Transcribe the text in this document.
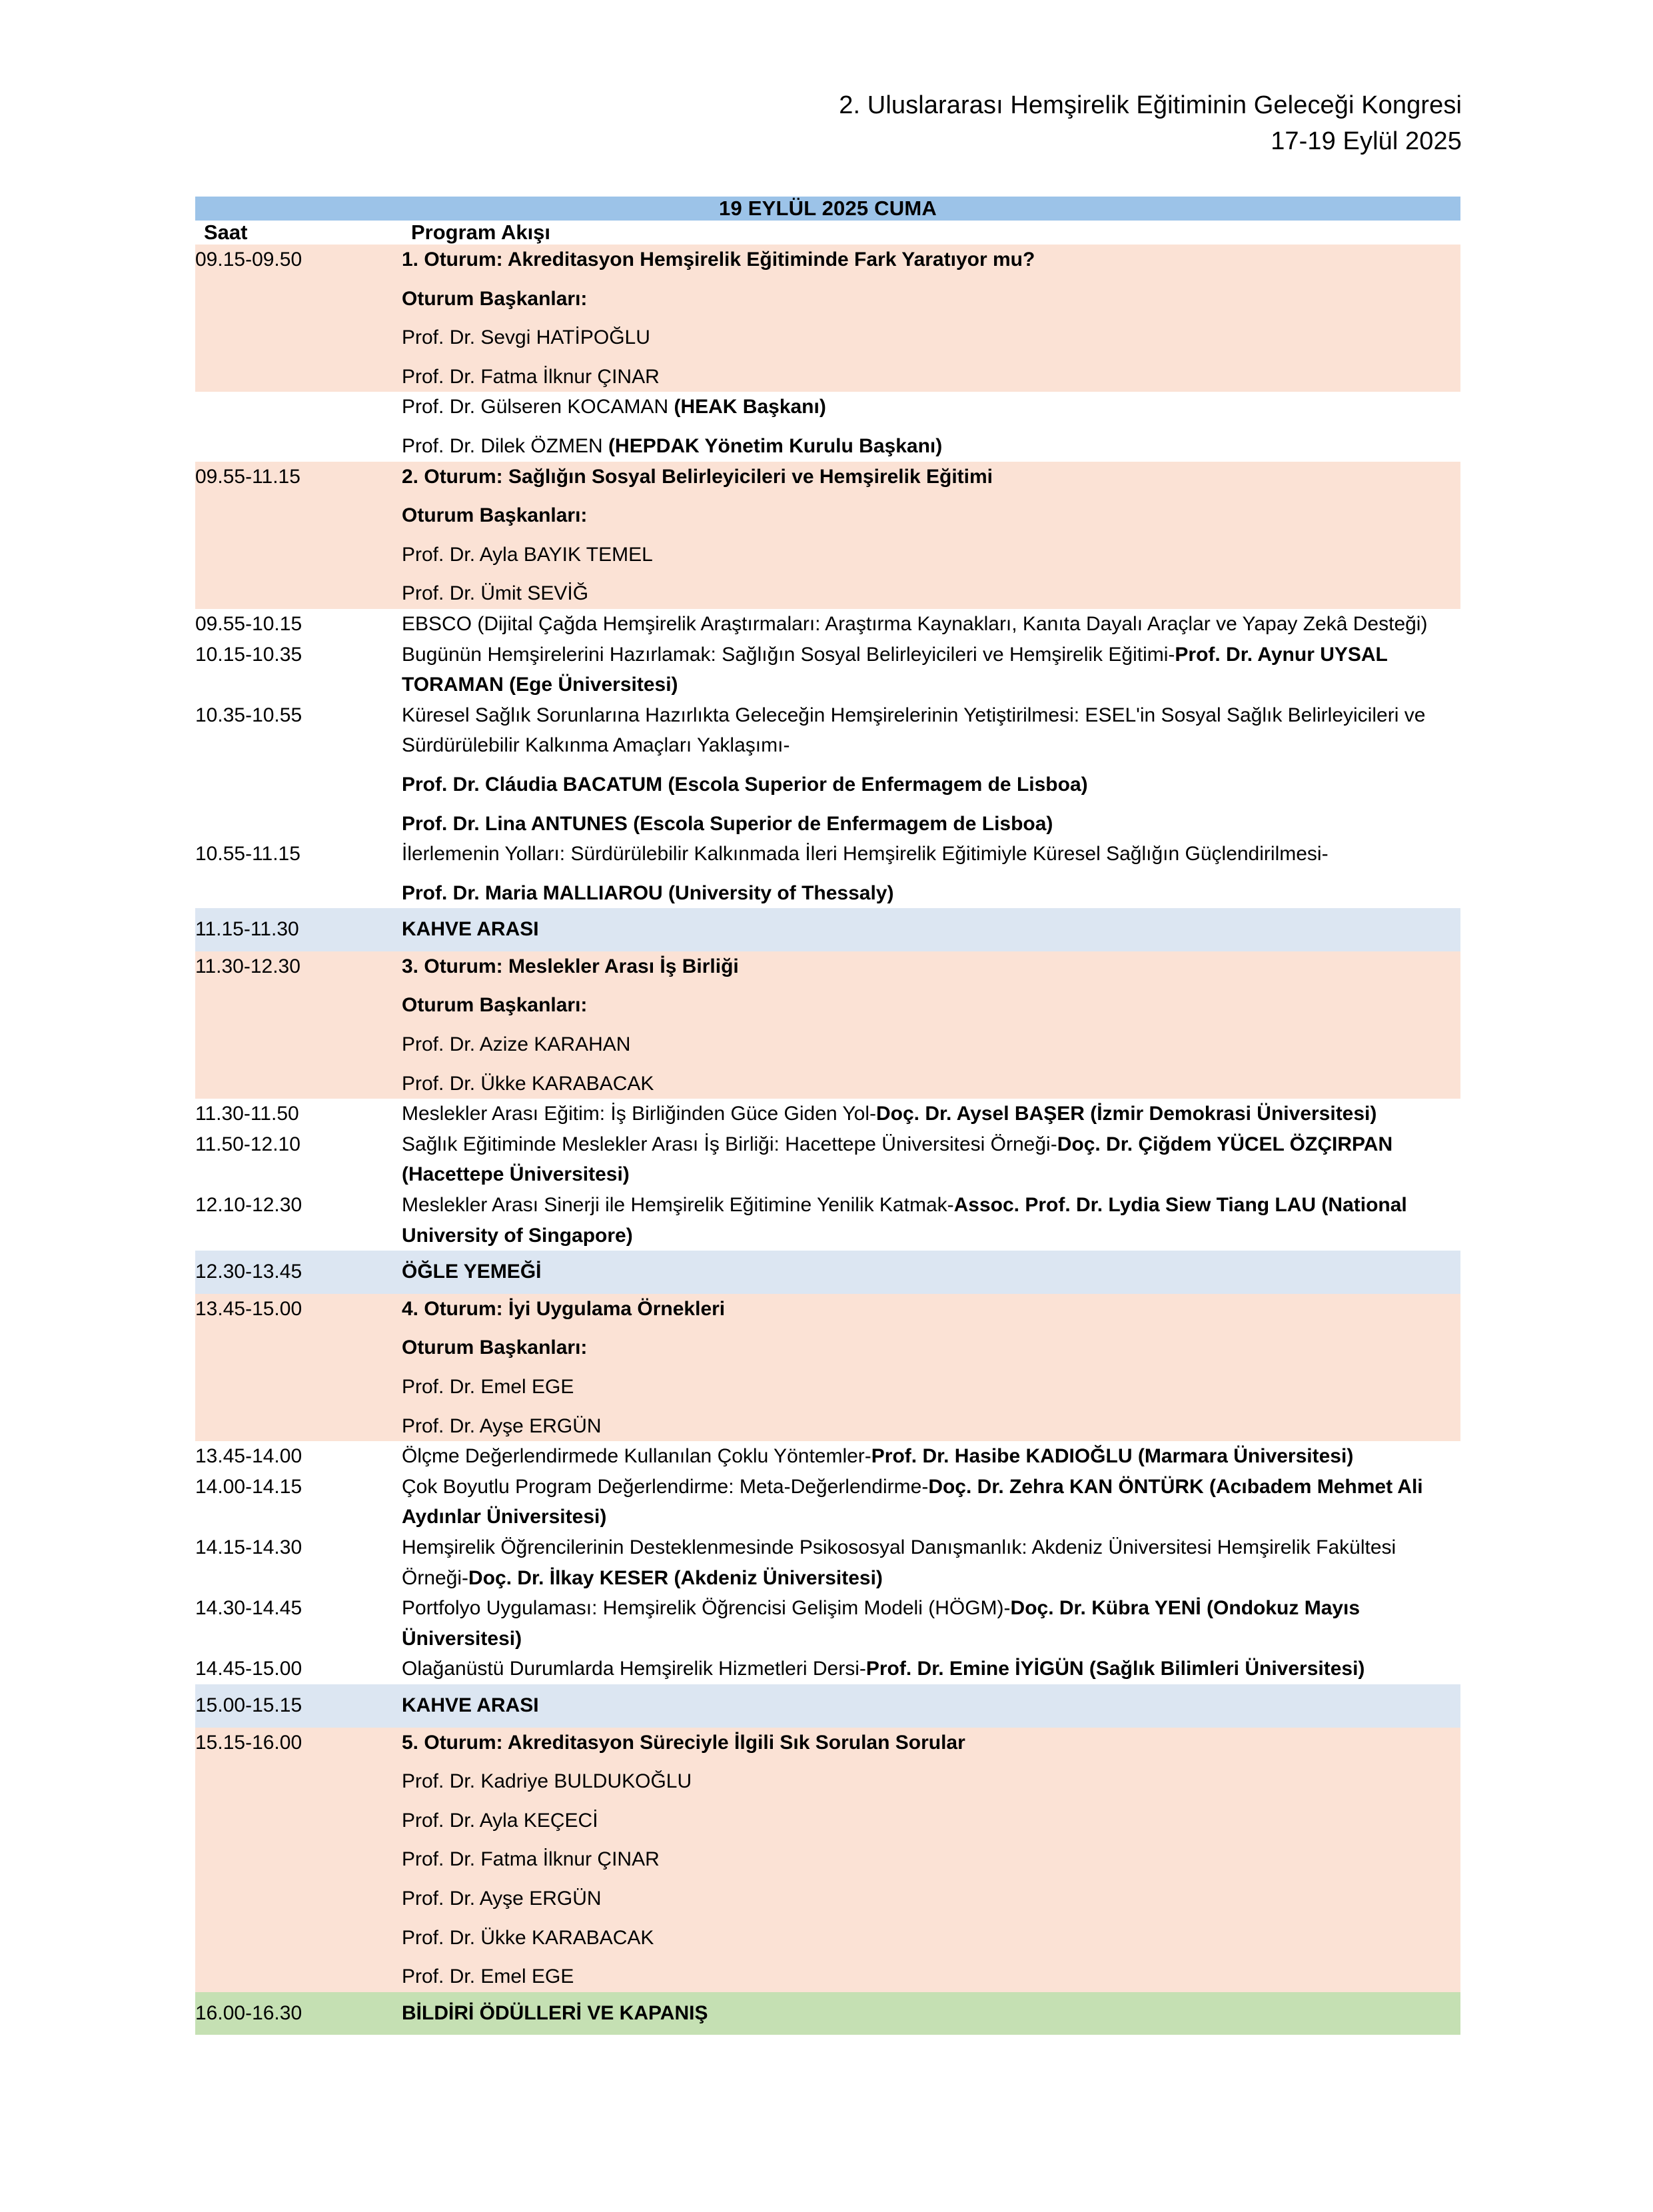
2. Uluslararası Hemşirelik Eğitiminin Geleceği Kongresi
17-19 Eylül 2025
19 EYLÜL 2025 CUMA	
Saat	Program Akışı
09.15-09.50	1. Oturum: Akreditasyon Hemşirelik Eğitiminde Fark Yaratıyor mu?

Oturum Başkanları:

Prof. Dr. Sevgi HATİPOĞLU

Prof. Dr. Fatma İlknur ÇINAR

	Prof. Dr. Gülseren KOCAMAN (HEAK Başkanı)

Prof. Dr. Dilek ÖZMEN (HEPDAK Yönetim Kurulu Başkanı)

09.55-11.15	2. Oturum: Sağlığın Sosyal Belirleyicileri ve Hemşirelik Eğitimi

Oturum Başkanları:

Prof. Dr. Ayla BAYIK TEMEL

Prof. Dr. Ümit SEVİĞ

09.55-10.15	EBSCO (Dijital Çağda Hemşirelik Araştırmaları: Araştırma Kaynakları, Kanıta Dayalı Araçlar ve Yapay Zekâ Desteği)

10.15-10.35	Bugünün Hemşirelerini Hazırlamak: Sağlığın Sosyal Belirleyicileri ve Hemşirelik Eğitimi-Prof. Dr. Aynur UYSAL TORAMAN (Ege Üniversitesi)

10.35-10.55	Küresel Sağlık Sorunlarına Hazırlıkta Geleceğin Hemşirelerinin Yetiştirilmesi: ESEL'in Sosyal Sağlık Belirleyicileri ve Sürdürülebilir Kalkınma Amaçları Yaklaşımı-

Prof. Dr. Cláudia BACATUM (Escola Superior de Enfermagem de Lisboa)

Prof. Dr. Lina ANTUNES (Escola Superior de Enfermagem de Lisboa)

10.55-11.15	İlerlemenin Yolları: Sürdürülebilir Kalkınmada İleri Hemşirelik Eğitimiyle Küresel Sağlığın Güçlendirilmesi-

Prof. Dr. Maria MALLIAROU (University of Thessaly)

11.15-11.30	KAHVE ARASI

11.30-12.30	3. Oturum: Meslekler Arası İş Birliği

Oturum Başkanları:

Prof. Dr. Azize KARAHAN

Prof. Dr. Ükke KARABACAK

11.30-11.50	Meslekler Arası Eğitim: İş Birliğinden Güce Giden Yol-Doç. Dr. Aysel BAŞER (İzmir Demokrasi Üniversitesi)

11.50-12.10	Sağlık Eğitiminde Meslekler Arası İş Birliği: Hacettepe Üniversitesi Örneği-Doç. Dr. Çiğdem YÜCEL ÖZÇIRPAN (Hacettepe Üniversitesi)

12.10-12.30	Meslekler Arası Sinerji ile Hemşirelik Eğitimine Yenilik Katmak-Assoc. Prof. Dr. Lydia Siew Tiang LAU (National University of Singapore)

12.30-13.45	ÖĞLE YEMEĞİ

13.45-15.00	4. Oturum: İyi Uygulama Örnekleri

Oturum Başkanları:

Prof. Dr. Emel EGE

Prof. Dr. Ayşe ERGÜN

13.45-14.00	Ölçme Değerlendirmede Kullanılan Çoklu Yöntemler-Prof. Dr. Hasibe KADIOĞLU (Marmara Üniversitesi)

14.00-14.15	Çok Boyutlu Program Değerlendirme: Meta-Değerlendirme-Doç. Dr. Zehra KAN ÖNTÜRK (Acıbadem Mehmet Ali Aydınlar Üniversitesi)

14.15-14.30	Hemşirelik Öğrencilerinin Desteklenmesinde Psikososyal Danışmanlık: Akdeniz Üniversitesi Hemşirelik Fakültesi Örneği-Doç. Dr. İlkay KESER (Akdeniz Üniversitesi)

14.30-14.45	Portfolyo Uygulaması: Hemşirelik Öğrencisi Gelişim Modeli (HÖGM)-Doç. Dr. Kübra YENİ (Ondokuz Mayıs Üniversitesi)

14.45-15.00	Olağanüstü Durumlarda Hemşirelik Hizmetleri Dersi-Prof. Dr. Emine İYİGÜN (Sağlık Bilimleri Üniversitesi)

15.00-15.15	KAHVE ARASI

15.15-16.00	5. Oturum: Akreditasyon Süreciyle İlgili Sık Sorulan Sorular

Prof. Dr. Kadriye BULDUKOĞLU

Prof. Dr. Ayla KEÇECİ

Prof. Dr. Fatma İlknur ÇINAR

Prof. Dr. Ayşe ERGÜN

Prof. Dr. Ükke KARABACAK

Prof. Dr. Emel EGE

16.00-16.30	BİLDİRİ ÖDÜLLERİ VE KAPANIŞ
